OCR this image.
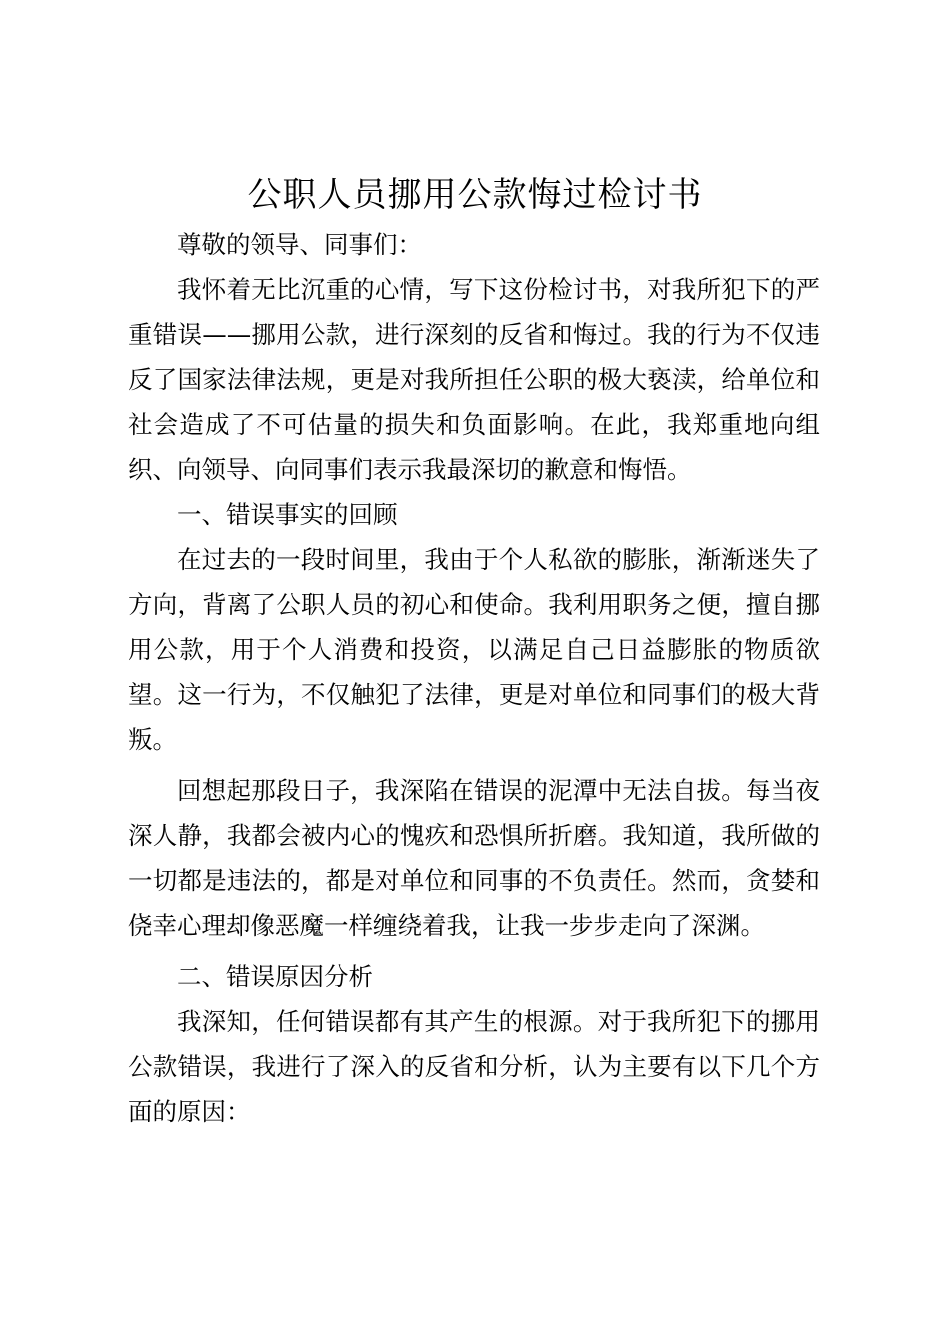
公职人员挪用公款悔过检讨书

尊敬的领导、同事们：

我怀着无比沉重的心情，写下这份检讨书，对我所犯下的严重错误——挪用公款，进行深刻的反省和悔过。我的行为不仅违反了国家法律法规，更是对我所担任公职的极大亵渎，给单位和社会造成了不可估量的损失和负面影响。在此，我郑重地向组织、向领导、向同事们表示我最深切的歉意和悔悟。

一、错误事实的回顾

在过去的一段时间里，我由于个人私欲的膨胀，渐渐迷失了方向，背离了公职人员的初心和使命。我利用职务之便，擅自挪用公款，用于个人消费和投资，以满足自己日益膨胀的物质欲望。这一行为，不仅触犯了法律，更是对单位和同事们的极大背叛。

回想起那段日子，我深陷在错误的泥潭中无法自拔。每当夜深人静，我都会被内心的愧疚和恐惧所折磨。我知道，我所做的一切都是违法的，都是对单位和同事的不负责任。然而，贪婪和侥幸心理却像恶魔一样缠绕着我，让我一步步走向了深渊。

二、错误原因分析

我深知，任何错误都有其产生的根源。对于我所犯下的挪用公款错误，我进行了深入的反省和分析，认为主要有以下几个方面的原因：
